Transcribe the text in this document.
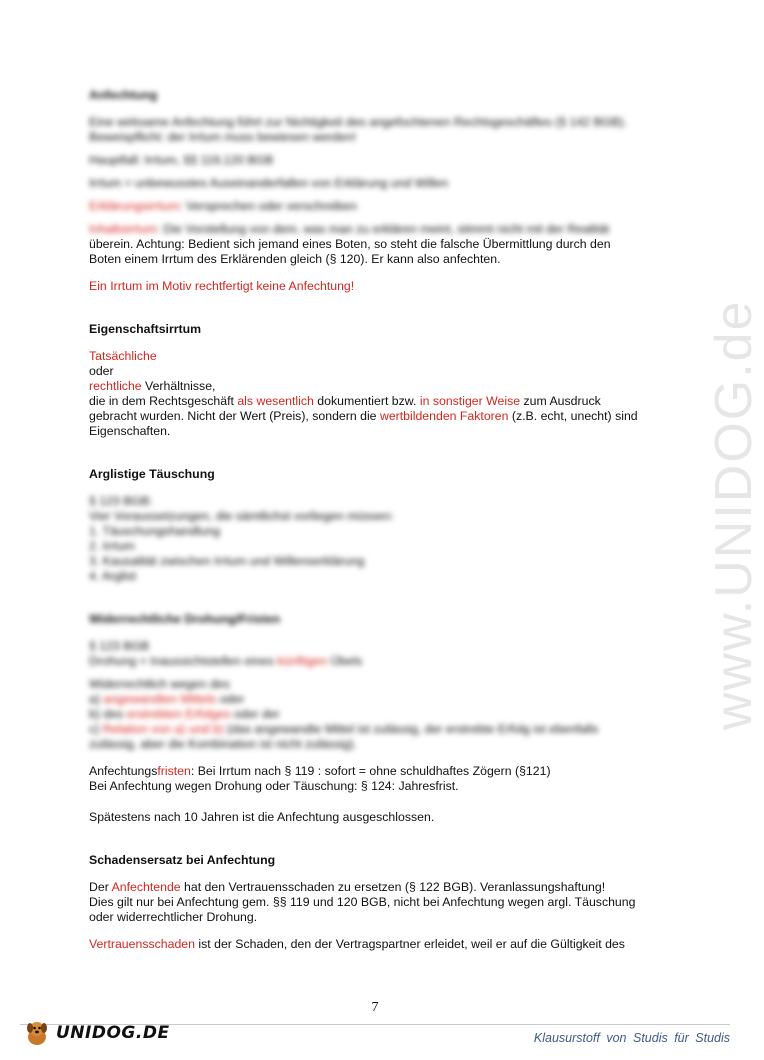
www.UNIDOG.de

Anfechtung

Eine wirksame Anfechtung führt zur Nichtigkeit des angefochtenen Rechtsgeschäftes (§ 142 BGB).

Beweispflicht: der Irrtum muss bewiesen werden!

Hauptfall: Irrtum, §§ 119,120 BGB

Irrtum = unbewusstes Auseinanderfallen von Erklärung und Willen

Erklärungsirrtum: Versprechen oder verschreiben

Inhaltsirrtum: Die Vorstellung von dem, was man zu erklären meint, stimmt nicht mit der Realität

überein. Achtung: Bedient sich jemand eines Boten, so steht die falsche Übermittlung durch den

Boten einem Irrtum des Erklärenden gleich (§ 120). Er kann also anfechten.

Ein Irrtum im Motiv rechtfertigt keine Anfechtung!

Eigenschaftsirrtum

Tatsächliche

oder

rechtliche Verhältnisse,

die in dem Rechtsgeschäft als wesentlich dokumentiert bzw. in sonstiger Weise zum Ausdruck

gebracht wurden. Nicht der Wert (Preis), sondern die wertbildenden Faktoren (z.B. echt, unecht) sind

Eigenschaften.

Arglistige Täuschung

§ 123 BGB:

Vier Voraussetzungen, die sämtlichst vorliegen müssen:

1. Täuschungshandlung

2. Irrtum

3. Kausalität zwischen Irrtum und Willenserklärung

4. Arglist

Widerrechtliche Drohung/Fristen

§ 123 BGB

Drohung = Inaussichtstellen eines künftigen Übels

Widerrechtlich wegen des

a) angewandten Mittels oder

b) des erstrebten Erfolges oder der

c) Relation von a) und b) (das angewandte Mittel ist zulässig, der erstrebte Erfolg ist ebenfalls

zulässig, aber die Kombination ist nicht zulässig).

Anfechtungsfristen: Bei Irrtum nach § 119 : sofort = ohne schuldhaftes Zögern (§121)

Bei Anfechtung wegen Drohung oder Täuschung: § 124: Jahresfrist.

Spätestens nach 10 Jahren ist die Anfechtung ausgeschlossen.

Schadensersatz bei Anfechtung

Der Anfechtende hat den Vertrauensschaden zu ersetzen (§ 122 BGB). Veranlassungshaftung!

Dies gilt nur bei Anfechtung gem. §§ 119 und 120 BGB, nicht bei Anfechtung wegen argl. Täuschung

oder widerrechtlicher Drohung.

Vertrauensschaden ist der Schaden, den der Vertragspartner erleidet, weil er auf die Gültigkeit des

7
UNIDOG.DE	Klausurstoff von Studis für Studis
